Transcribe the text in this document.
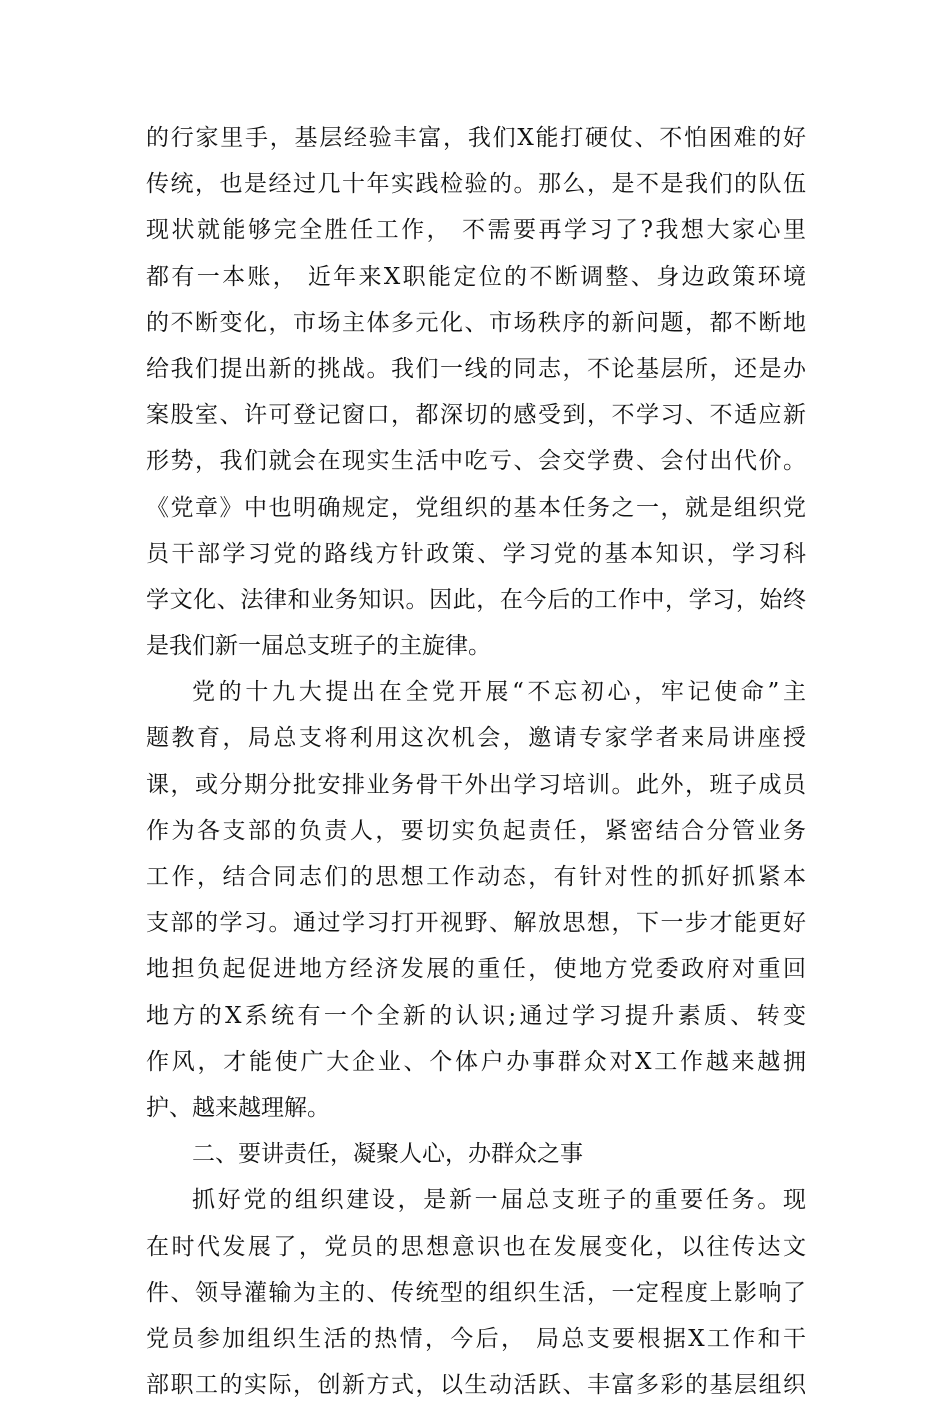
的行家里手，基层经验丰富，我们X能打硬仗、不怕困难的好
传统，也是经过几十年实践检验的。那么，是不是我们的队伍
现状就能够完全胜任工作， 不需要再学习了?我想大家心里
都有一本账， 近年来X职能定位的不断调整、身边政策环境
的不断变化，市场主体多元化、市场秩序的新问题，都不断地
给我们提出新的挑战。我们一线的同志，不论基层所，还是办
案股室、许可登记窗口，都深切的感受到，不学习、不适应新
形势，我们就会在现实生活中吃亏、会交学费、会付出代价。
《党章》中也明确规定，党组织的基本任务之一，就是组织党
员干部学习党的路线方针政策、学习党的基本知识，学习科
学文化、法律和业务知识。因此，在今后的工作中，学习，始终
是我们新一届总支班子的主旋律。
党的十九大提出在全党开展“不忘初心，牢记使命”主
题教育，局总支将利用这次机会，邀请专家学者来局讲座授
课，或分期分批安排业务骨干外出学习培训。此外，班子成员
作为各支部的负责人，要切实负起责任，紧密结合分管业务
工作，结合同志们的思想工作动态，有针对性的抓好抓紧本
支部的学习。通过学习打开视野、解放思想，下一步才能更好
地担负起促进地方经济发展的重任，使地方党委政府对重回
地方的X系统有一个全新的认识;通过学习提升素质、转变
作风，才能使广大企业、个体户办事群众对X工作越来越拥
护、越来越理解。
二、要讲责任，凝聚人心，办群众之事
抓好党的组织建设，是新一届总支班子的重要任务。现
在时代发展了，党员的思想意识也在发展变化，以往传达文
件、领导灌输为主的、传统型的组织生活，一定程度上影响了
党员参加组织生活的热情，今后， 局总支要根据X工作和干
部职工的实际，创新方式，以生动活跃、丰富多彩的基层组织
